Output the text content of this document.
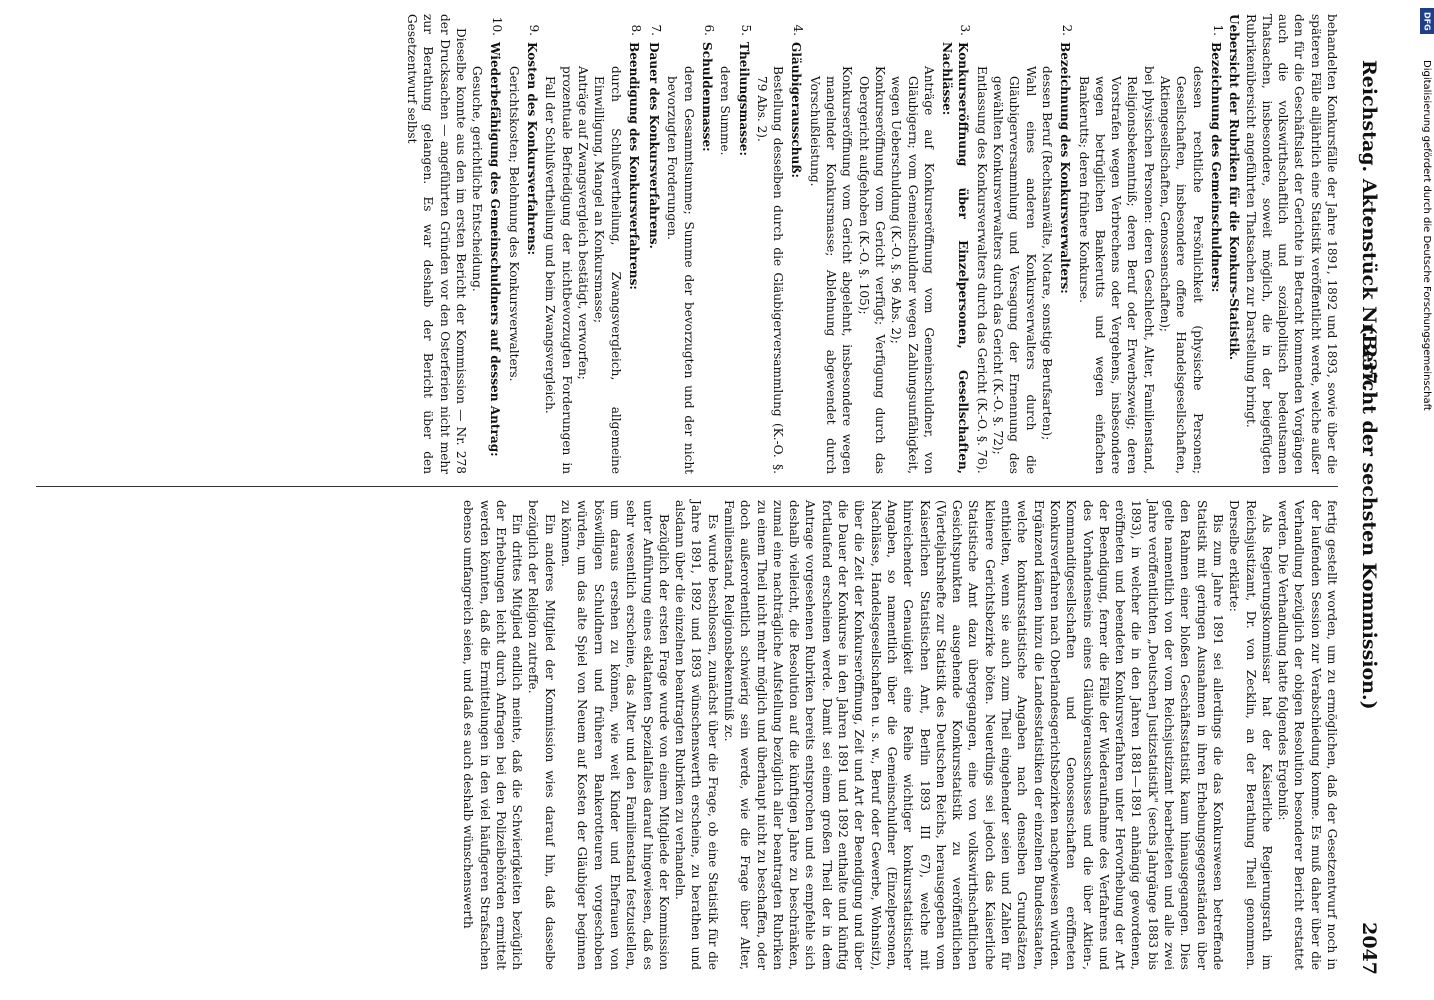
Reichstag. Aktenstück Nr. 237.
(Bericht der sechsten Kommission.)
2047

behandelten Konkursfälle der Jahre 1891, 1892 und 1893, sowie über die späteren Fälle alljährlich eine Statistik veröffentlicht werde, welche außer den für die Geschäftslast der Gerichte in Betracht kommenden Vorgängen auch die volkswirthschaftlich und sozialpolitisch bedeutsamen Thatsachen, insbesondere, soweit möglich, die in der beigefügten Rubrikenübersicht angeführten Thatsachen zur Darstellung bringt.

Uebersicht der Rubriken für die Konkurs-Statistik.

1.
Bezeichnung des Gemeinschuldners:
dessen rechtliche Persönlichkeit (physische Personen; Gesellschaften, insbesondere offene Handelsgesellschaften, Aktiengesellschaften, Genossenschaften);
bei physischen Personen: deren Geschlecht, Alter, Familienstand, Religionsbekenntniß; deren Beruf oder Erwerbszweig; deren Vorstrafen wegen Verbrechens oder Vergehens, insbesondere wegen betrüglichen Bankerutts und wegen einfachen Bankerutts; deren frühere Konkurse.
2.
Bezeichnung des Konkursverwalters:
dessen Beruf (Rechtsanwälte, Notare, sonstige Berufsarten);
Wahl eines anderen Konkursverwalters durch die Gläubigerversammlung und Versagung der Ernennung des gewählten Konkursverwalters durch das Gericht (K.-O. §. 72);
Entlassung des Konkursverwalters durch das Gericht (K.-O. §. 76).
3.
Konkurseröffnung über Einzelpersonen, Gesellschaften, Nachlässe:
Anträge auf Konkurseröffnung vom Gemeinschuldner, von Gläubigern; vom Gemeinschuldner wegen Zahlungsunfähigkeit, wegen Ueberschuldung (K.-O. §. 96 Abs. 2);
Konkurseröffnung vom Gericht verfügt; Verfügung durch das Obergericht aufgehoben (K.-O. §. 105);
Konkurseröffnung vom Gericht abgelehnt, insbesondere wegen mangelnder Konkursmasse; Ablehnung abgewendet durch Vorschußleistung.
4.
Gläubigerausschuß:
Bestellung desselben durch die Gläubigerversammlung (K.-O. §. 79 Abs. 2).
5.
Theilungsmasse:
deren Summe.
6.
Schuldenmasse:
deren Gesammtsumme; Summe der bevorzugten und der nicht bevorzugten Forderungen.
7.
Dauer des Konkursverfahrens.
8.
Beendigung des Konkursverfahrens:
durch Schlußvertheilung, Zwangsvergleich, allgemeine Einwilligung, Mangel an Konkursmasse;
Anträge auf Zwangsvergleich bestätigt, verworfen;
prozentuale Befriedigung der nichtbevorzugten Forderungen in Fall der Schlußvertheilung und beim Zwangsvergleich.
9.
Kosten des Konkursverfahrens:
Gerichtskosten; Belohnung des Konkursverwalters.
10.
Wiederbefähigung des Gemeinschuldners auf dessen Antrag:
Gesuche, gerichtliche Entscheidung.

Dieselbe konnte aus den im ersten Bericht der Kommission — Nr. 278 der Drucksachen — angeführten Gründen vor den Osterferien nicht mehr zur Berathung gelangen. Es war deshalb der Bericht über den Gesetzentwurf selbst

fertig gestellt worden, um zu ermöglichen, daß der Gesetzentwurf noch in der laufenden Session zur Verabschiedung komme. Es muß daher über die Verhandlung bezüglich der obigen Resolution besonderer Bericht erstattet werden. Die Verhandlung hatte folgendes Ergebniß:

Als Regierungskommissar hat der Kaiserliche Regierungsrath im Reichsjustizamt, Dr. von Zecklin, an der Berathung Theil genommen. Derselbe erklärte:

Bis zum Jahre 1891 sei allerdings die das Konkurswesen betreffende Statistik mit geringen Ausnahmen in ihren Erhebungsgegenständen über den Rahmen einer bloßen Geschäftsstatistik kaum hinausgegangen. Dies gelte namentlich von der vom Reichsjustizamt bearbeiteten und alle zwei Jahre veröffentlichten „Deutschen Justizstatistik" (sechs Jahrgänge 1883 bis 1893), in welcher die in den Jahren 1881—1891 anhängig gewordenen, eröffneten und beendeten Konkursverfahren unter Hervorhebung der Art der Beendigung, ferner die Fälle der Wiederaufnahme des Verfahrens und des Vorhandenseins eines Gläubigerausschusses und die über Aktien-, Kommanditgesellschaften und Genossenschaften eröffneten Konkursverfahren nach Oberlandesgerichtsbezirken nachgewiesen würden. Ergänzend kämen hinzu die Landesstatistiken der einzelnen Bundesstaaten, welche konkursstatistische Angaben nach denselben Grundsätzen enthielten, wenn sie auch zum Theil eingehender seien und Zahlen für kleinere Gerichtsbezirke böten. Neuerdings sei jedoch das Kaiserliche Statistische Amt dazu übergegangen, eine von volkswirthschaftlichen Gesichtspunkten ausgehende Konkursstatistik zu veröffentlichen (Vierteljahrshefte zur Statistik des Deutschen Reichs, herausgegeben vom Kaiserlichen Statistischen Amt, Berlin 1893 III 67), welche mit hinreichender Genauigkeit eine Reihe wichtiger konkursstatistischer Angaben, so namentlich über die Gemeinschuldner (Einzelpersonen, Nachlässe, Handelsgesellschaften u. s. w., Beruf oder Gewerbe, Wohnsitz), über die Zeit der Konkurseröffnung, Zeit und Art der Beendigung und über die Dauer der Konkurse in den Jahren 1891 und 1892 enthalte und künftig fortlaufend erscheinen werde. Damit sei einem großen Theil der in dem Antrage vorgesehenen Rubriken bereits entsprochen und es empfehle sich deshalb vielleicht, die Resolution auf die künftigen Jahre zu beschränken, zumal eine nachträgliche Aufstellung bezüglich aller beantragten Rubriken zu einem Theil nicht mehr möglich und überhaupt nicht zu beschaffen, oder doch außerordentlich schwierig sein werde, wie die Frage über Alter, Familienstand, Religionsbekenntniß zc.

Es wurde beschlossen, zunächst über die Frage, ob eine Statistik für die Jahre 1891, 1892 und 1893 wünschenswerth erscheine, zu berathen und alsdann über die einzelnen beantragten Rubriken zu verhandeln.

Bezüglich der ersten Frage wurde von einem Mitgliede der Kommission unter Anführung eines eklatanten Spezialfalles darauf hingewiesen, daß es sehr wesentlich erscheine, das Alter und den Familienstand festzustellen, um daraus ersehen zu können, wie weit Kinder und Ehefrauen von böswilligen Schuldnern und früheren Bankerotteuren vorgeschoben würden, um das alte Spiel von Neuem auf Kosten der Gläubiger beginnen zu können.

Ein anderes Mitglied der Kommission wies darauf hin, daß dasselbe bezüglich der Religion zutreffe.

Ein drittes Mitglied endlich meinte, daß die Schwierigkeiten bezüglich der Erhebungen leicht durch Anfragen bei den Polizeibehörden ermittelt werden könnten, daß die Ermittelungen in den viel häufigeren Strafsachen ebenso umfangreich seien, und daß es auch deshalb wünschenswerth

Digitalisierung gefördert durch die Deutsche Forschungsgemeinschaft
DFG
